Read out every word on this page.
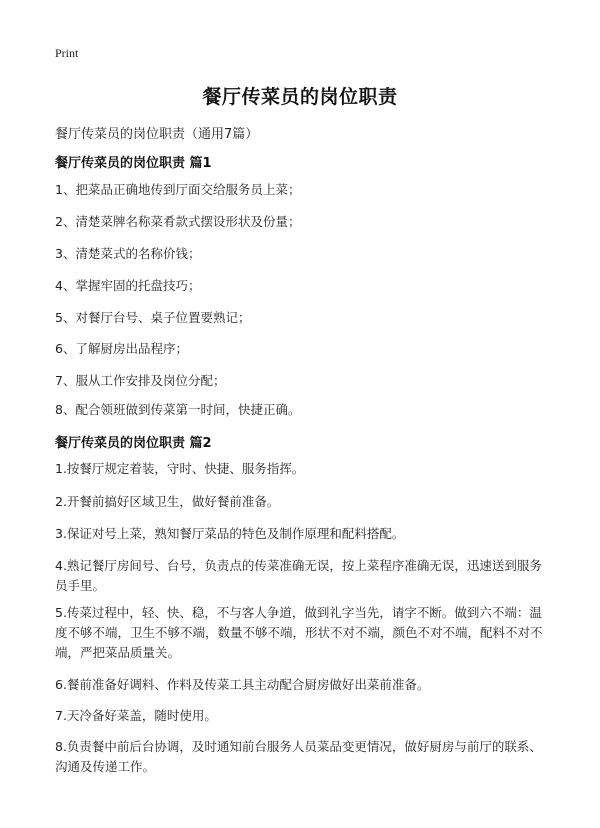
Print
餐厅传菜员的岗位职责
餐厅传菜员的岗位职责（通用7篇）
餐厅传菜员的岗位职责 篇1
1、把菜品正确地传到厅面交给服务员上菜；
2、清楚菜牌名称菜肴款式摆设形状及份量；
3、清楚菜式的名称价钱；
4、掌握牢固的托盘技巧；
5、对餐厅台号、桌子位置要熟记；
6、了解厨房出品程序；
7、服从工作安排及岗位分配；
8、配合领班做到传菜第一时间，快捷正确。
餐厅传菜员的岗位职责 篇2
1.按餐厅规定着装，守时、快捷、服务指挥。
2.开餐前搞好区域卫生，做好餐前准备。
3.保证对号上菜，熟知餐厅菜品的特色及制作原理和配料搭配。
4.熟记餐厅房间号、台号，负责点的传菜准确无误，按上菜程序准确无误，迅速送到服务员手里。
5.传菜过程中，轻、快、稳，不与客人争道，做到礼字当先，请字不断。做到六不端：温度不够不端，卫生不够不端，数量不够不端，形状不对不端，颜色不对不端，配料不对不端，严把菜品质量关。
6.餐前准备好调料、作料及传菜工具主动配合厨房做好出菜前准备。
7.天冷备好菜盖，随时使用。
8.负责餐中前后台协调，及时通知前台服务人员菜品变更情况，做好厨房与前厅的联系、沟通及传递工作。
